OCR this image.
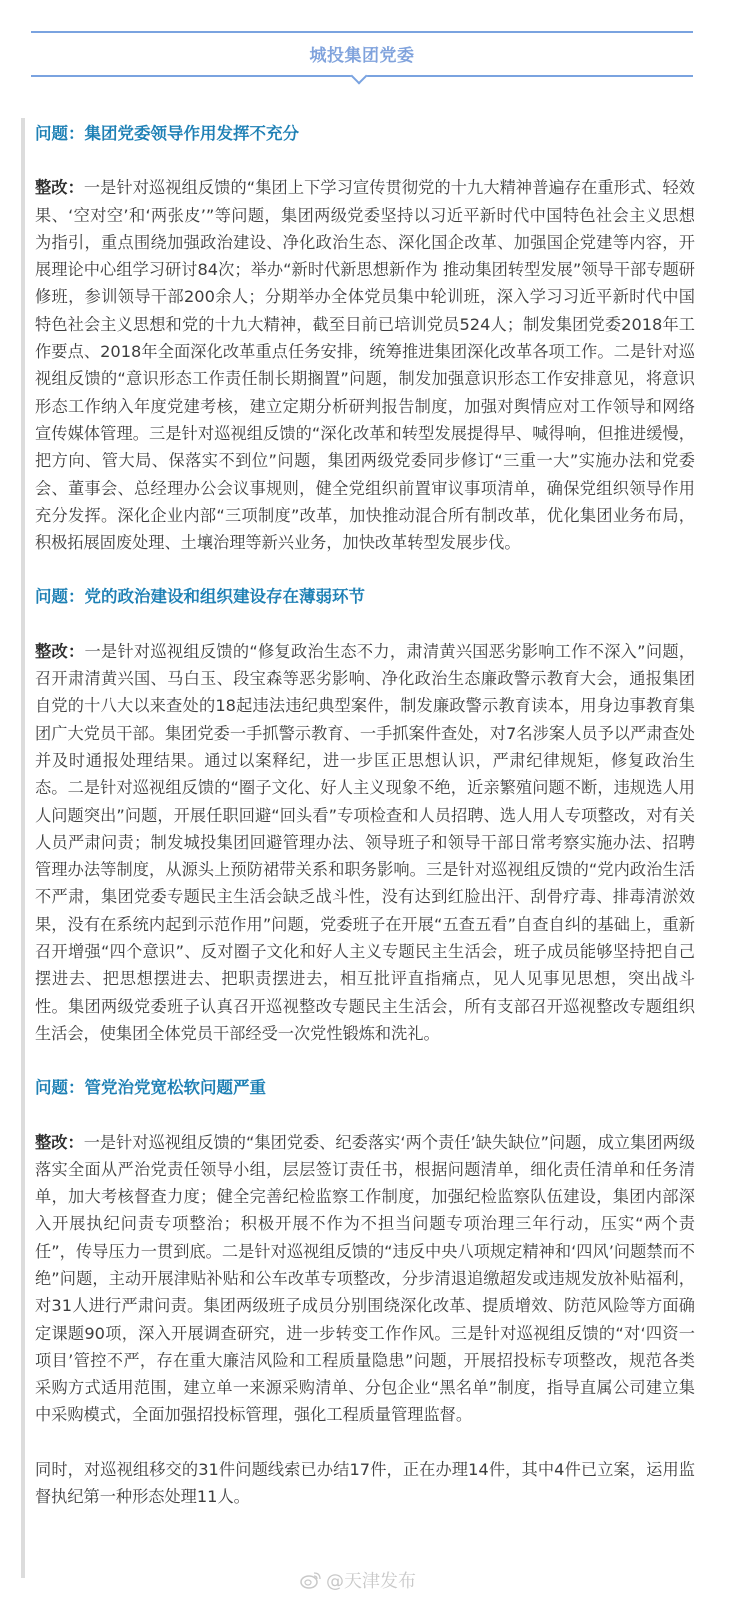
城投集团党委

问题：集团党委领导作用发挥不充分

整改：一是针对巡视组反馈的“集团上下学习宣传贯彻党的十九大精神普遍存在重形式、轻效果、‘空对空’和‘两张皮’”等问题，集团两级党委坚持以习近平新时代中国特色社会主义思想为指引，重点围绕加强政治建设、净化政治生态、深化国企改革、加强国企党建等内容，开展理论中心组学习研讨84次；举办“新时代新思想新作为 推动集团转型发展”领导干部专题研修班，参训领导干部200余人；分期举办全体党员集中轮训班，深入学习习近平新时代中国特色社会主义思想和党的十九大精神，截至目前已培训党员524人；制发集团党委2018年工作要点、2018年全面深化改革重点任务安排，统筹推进集团深化改革各项工作。二是针对巡视组反馈的“意识形态工作责任制长期搁置”问题，制发加强意识形态工作安排意见，将意识形态工作纳入年度党建考核，建立定期分析研判报告制度，加强对舆情应对工作领导和网络宣传媒体管理。三是针对巡视组反馈的“深化改革和转型发展提得早、喊得响，但推进缓慢，把方向、管大局、保落实不到位”问题，集团两级党委同步修订“三重一大”实施办法和党委会、董事会、总经理办公会议事规则，健全党组织前置审议事项清单，确保党组织领导作用充分发挥。深化企业内部“三项制度”改革，加快推动混合所有制改革，优化集团业务布局，积极拓展固废处理、土壤治理等新兴业务，加快改革转型发展步伐。

问题：党的政治建设和组织建设存在薄弱环节

整改：一是针对巡视组反馈的“修复政治生态不力，肃清黄兴国恶劣影响工作不深入”问题，召开肃清黄兴国、马白玉、段宝森等恶劣影响、净化政治生态廉政警示教育大会，通报集团自党的十八大以来查处的18起违法违纪典型案件，制发廉政警示教育读本，用身边事教育集团广大党员干部。集团党委一手抓警示教育、一手抓案件查处，对7名涉案人员予以严肃查处并及时通报处理结果。通过以案释纪，进一步匡正思想认识，严肃纪律规矩，修复政治生态。二是针对巡视组反馈的“圈子文化、好人主义现象不绝，近亲繁殖问题不断，违规选人用人问题突出”问题，开展任职回避“回头看”专项检查和人员招聘、选人用人专项整改，对有关人员严肃问责；制发城投集团回避管理办法、领导班子和领导干部日常考察实施办法、招聘管理办法等制度，从源头上预防裙带关系和职务影响。三是针对巡视组反馈的“党内政治生活不严肃，集团党委专题民主生活会缺乏战斗性，没有达到红脸出汗、刮骨疗毒、排毒清淤效果，没有在系统内起到示范作用”问题，党委班子在开展“五查五看”自查自纠的基础上，重新召开增强“四个意识”、反对圈子文化和好人主义专题民主生活会，班子成员能够坚持把自己摆进去、把思想摆进去、把职责摆进去，相互批评直指痛点，见人见事见思想，突出战斗性。集团两级党委班子认真召开巡视整改专题民主生活会，所有支部召开巡视整改专题组织生活会，使集团全体党员干部经受一次党性锻炼和洗礼。

问题：管党治党宽松软问题严重

整改：一是针对巡视组反馈的“集团党委、纪委落实‘两个责任’缺失缺位”问题，成立集团两级落实全面从严治党责任领导小组，层层签订责任书，根据问题清单，细化责任清单和任务清单，加大考核督查力度；健全完善纪检监察工作制度，加强纪检监察队伍建设，集团内部深入开展执纪问责专项整治；积极开展不作为不担当问题专项治理三年行动，压实“两个责任”，传导压力一贯到底。二是针对巡视组反馈的“违反中央八项规定精神和‘四风’问题禁而不绝”问题，主动开展津贴补贴和公车改革专项整改，分步清退追缴超发或违规发放补贴福利，对31人进行严肃问责。集团两级班子成员分别围绕深化改革、提质增效、防范风险等方面确定课题90项，深入开展调查研究，进一步转变工作作风。三是针对巡视组反馈的“对‘四资一项目’管控不严，存在重大廉洁风险和工程质量隐患”问题，开展招投标专项整改，规范各类采购方式适用范围，建立单一来源采购清单、分包企业“黑名单”制度，指导直属公司建立集中采购模式，全面加强招投标管理，强化工程质量管理监督。

同时，对巡视组移交的31件问题线索已办结17件，正在办理14件，其中4件已立案，运用监督执纪第一种形态处理11人。

@天津发布
